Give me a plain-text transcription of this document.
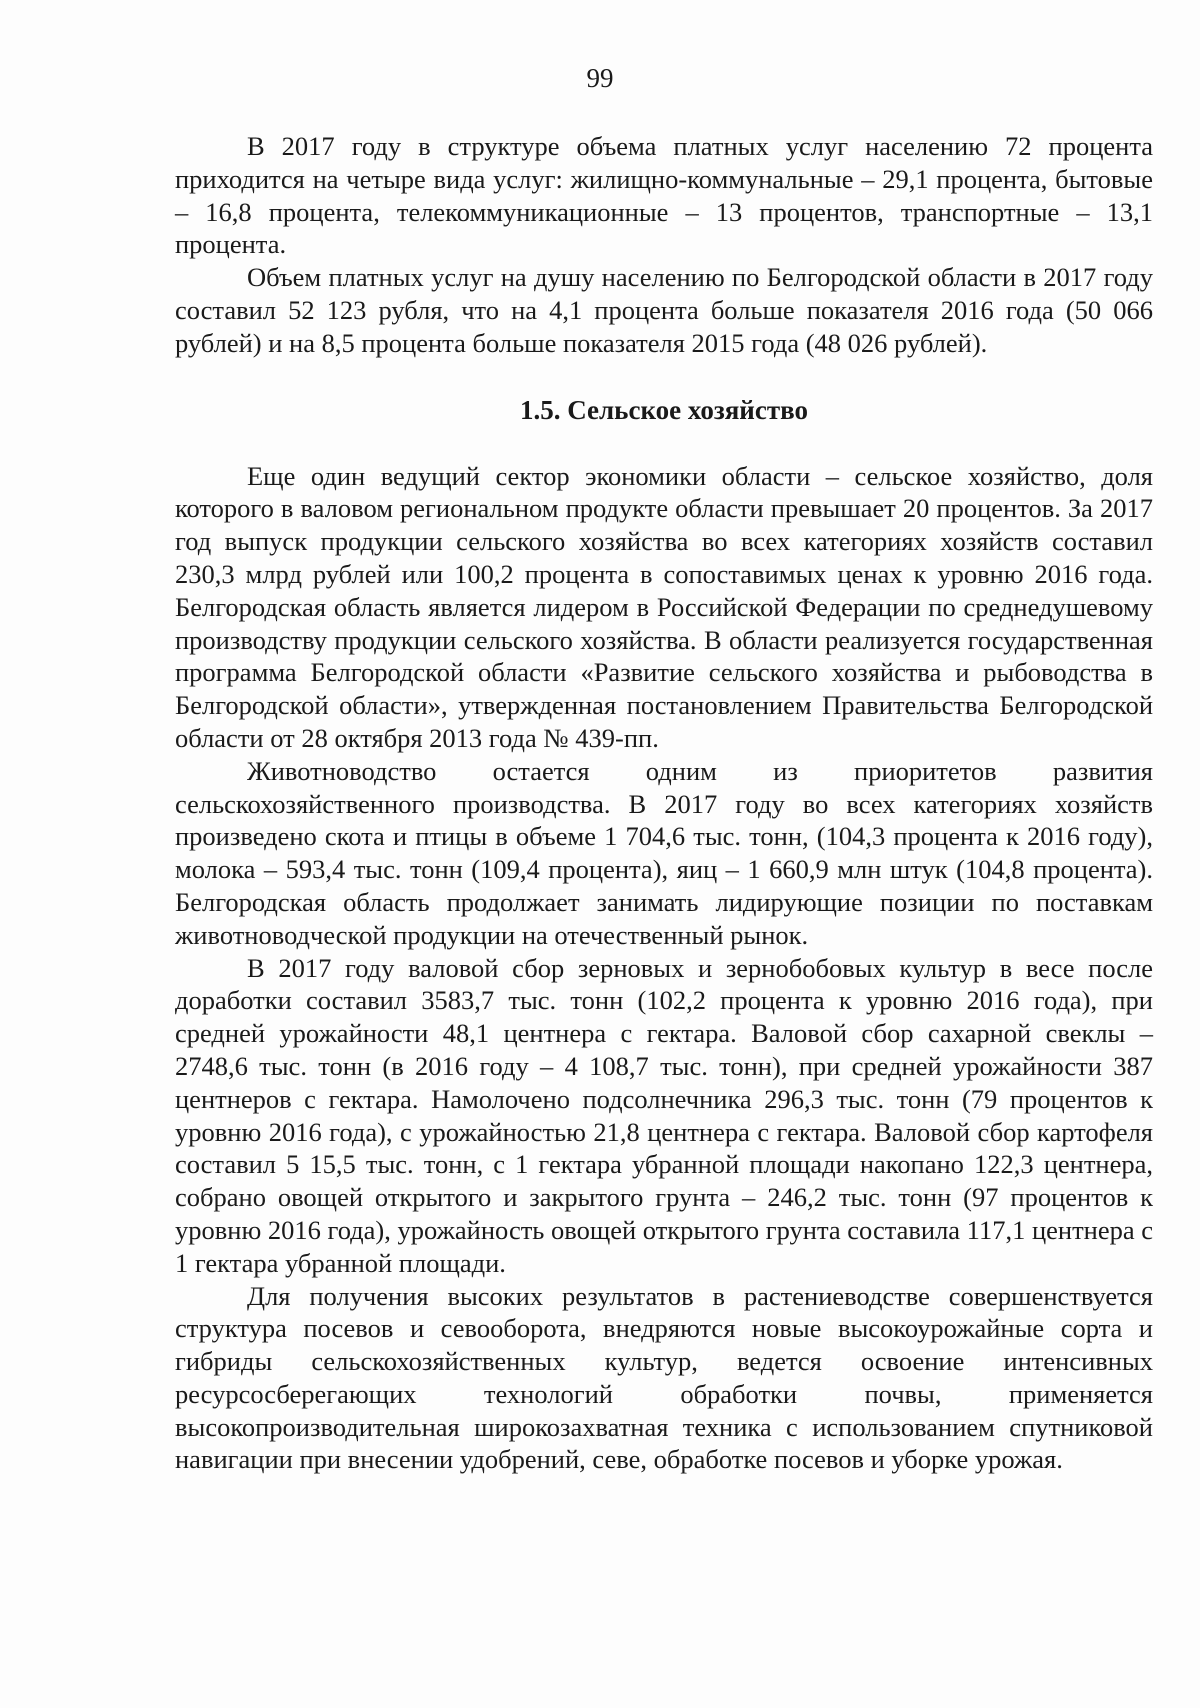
99

В 2017 году в структуре объема платных услуг населению 72 процента приходится на четыре вида услуг: жилищно-коммунальные – 29,1 процента, бытовые – 16,8 процента, телекоммуникационные – 13 процентов, транспортные – 13,1 процента.

Объем платных услуг на душу населению по Белгородской области в 2017 году составил 52 123 рубля, что на 4,1 процента больше показателя 2016 года (50 066 рублей) и на 8,5 процента больше показателя 2015 года (48 026 рублей).

1.5. Сельское хозяйство

Еще один ведущий сектор экономики области – сельское хозяйство, доля которого в валовом региональном продукте области превышает 20 процентов. За 2017 год выпуск продукции сельского хозяйства во всех категориях хозяйств составил 230,3 млрд рублей или 100,2 процента в сопоставимых ценах к уровню 2016 года. Белгородская область является лидером в Российской Федерации по среднедушевому производству продукции сельского хозяйства. В области реализуется государственная программа Белгородской области «Развитие сельского хозяйства и рыбоводства в Белгородской области», утвержденная постановлением Правительства Белгородской области от 28 октября 2013 года № 439-пп.

Животноводство остается одним из приоритетов развития сельскохозяйственного производства. В 2017 году во всех категориях хозяйств произведено скота и птицы в объеме 1 704,6 тыс. тонн, (104,3 процента к 2016 году), молока – 593,4 тыс. тонн (109,4 процента), яиц – 1 660,9 млн штук (104,8 процента). Белгородская область продолжает занимать лидирующие позиции по поставкам животноводческой продукции на отечественный рынок.

В 2017 году валовой сбор зерновых и зернобобовых культур в весе после доработки составил 3583,7 тыс. тонн (102,2 процента к уровню 2016 года), при средней урожайности 48,1 центнера с гектара. Валовой сбор сахарной свеклы – 2748,6 тыс. тонн (в 2016 году – 4 108,7 тыс. тонн), при средней урожайности 387 центнеров с гектара. Намолочено подсолнечника 296,3 тыс. тонн (79 процентов к уровню 2016 года), с урожайностью 21,8 центнера с гектара. Валовой сбор картофеля составил 5 15,5 тыс. тонн, с 1 гектара убранной площади накопано 122,3 центнера, собрано овощей открытого и закрытого грунта – 246,2 тыс. тонн (97 процентов к уровню 2016 года), урожайность овощей открытого грунта составила 117,1 центнера с 1 гектара убранной площади.

Для получения высоких результатов в растениеводстве совершенствуется структура посевов и севооборота, внедряются новые высокоурожайные сорта и гибриды сельскохозяйственных культур, ведется освоение интенсивных ресурсосберегающих технологий обработки почвы, применяется высокопроизводительная широкозахватная техника с использованием спутниковой навигации при внесении удобрений, севе, обработке посевов и уборке урожая.
